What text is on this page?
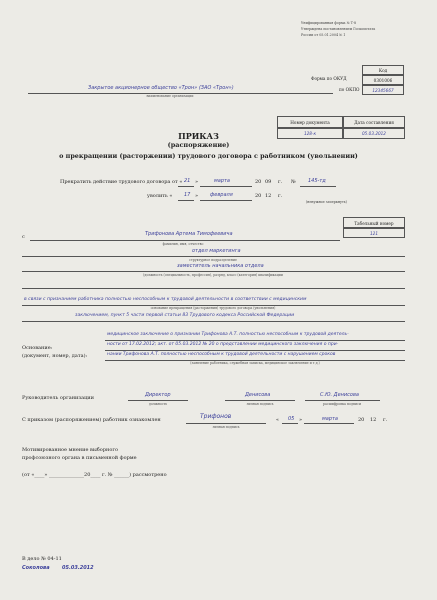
Унифицированная форма № Т-8
Утверждена постановлением Госкомстата
России от 05.01.2004 № 1
Код
Форма по ОКУД	0301006
по ОКПО	12345667
Закрытое акционерное общество «Трон» (ЗАО «Трон»)
наименование организации
Номер документа	Дата составления
128-к	05.03.2012
ПРИКАЗ
(распоряжение)
о прекращении (расторжении) трудового договора с работником (увольнении)
Прекратить действие трудового договора от « 21 »	марта	20 09 г. № 145-тд
уволить « 17 » февраля	20 12 г.
(ненужное зачеркнуть)
Табельный номер
121
с	Трифонова Артема Тимофеевича
фамилия, имя, отчество
отдел маркетинга
структурное подразделение
заместитель начальника отдела
(должность (специальность, профессия), разряд, класс (категория) квалификации
в связи с признанием работника полностью неспособным к трудовой деятельности в соответствии с медицинским
основание прекращения (расторжения) трудового договора (увольнения)
заключением, пункт 5 части первой статьи 83 Трудового кодекса Российской Федерации
Основание:
(документ, номер, дата):
медицинское заключение о признании Трифонова А.Т. полностью неспособным к трудовой деятель-
ности от 17.02.2012; акт. от 05.03.2012 № 20 о представлении медицинского заключения о при-
нании Трифонова А.Т. полностью неспособным к трудовой деятельности с нарушением сроков
(заявление работника, служебная записка, медицинское заключение и т.д.)
Руководитель организации	Директор
должность
Денисова
личная подпись
С.Ю. Денисова
расшифровка подписи
С приказом (распоряжением) работник ознакомлен	Трифонов
личная подпись
« 05 »	марта	20 12 г.
Мотивированное мнение выборного
профсоюзного органа в письменной форме
(от «____» ______________20____ г. № ______) рассмотрено
В дело № 04-11
Соколова 05.03.2012
